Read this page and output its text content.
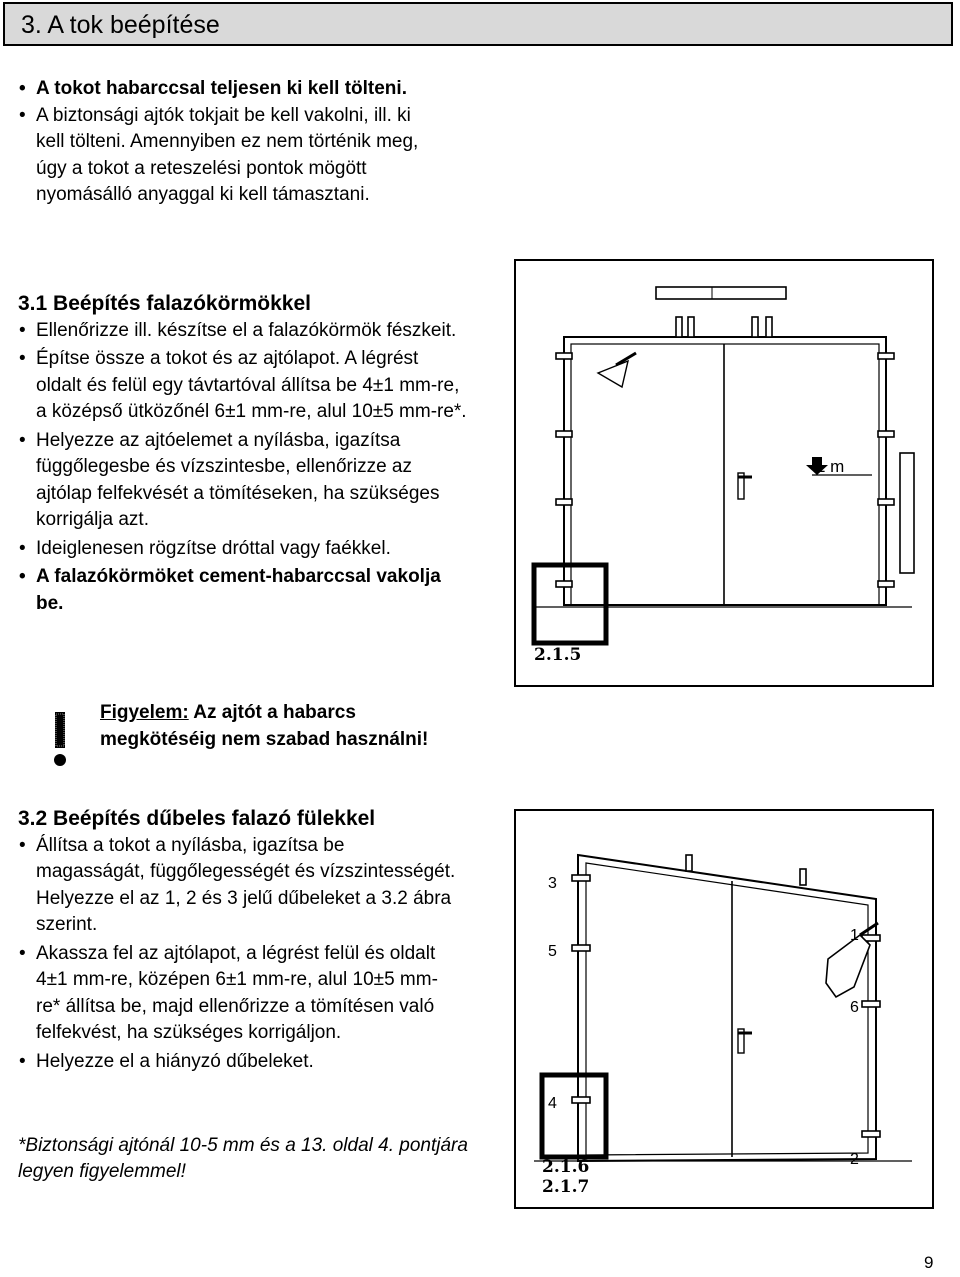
3. A tok beépítése
• A tokot habarccsal teljesen ki kell tölteni.
• A biztonsági ajtók tokjait be kell vakolni, ill. ki kell tölteni. Amennyiben ez nem történik meg, úgy a tokot a reteszelési pontok mögött nyomásálló anyaggal ki kell támasztani.
3.1 Beépítés falazókörmökkel
• Ellenőrizze ill. készítse el a falazókörmök fészkeit.
• Építse össze a tokot és az ajtólapot. A légrést oldalt és felül egy távtartóval állítsa be 4±1 mm-re, a középső ütközőnél 6±1 mm-re, alul 10±5 mm-re*.
• Helyezze az ajtóelemet a nyílásba, igazítsa függőlegesbe és vízszintesbe, ellenőrizze az ajtólap felfekvését a tömítéseken, ha szükséges korrigálja azt.
• Ideiglenesen rögzítse dróttal vagy faékkel.
• A falazókörmöket cement-habarccsal vakolja be.
Figyelem: Az ajtót a habarcs megkötéséig nem szabad használni!
3.2 Beépítés dűbeles falazó fülekkel
• Állítsa a tokot a nyílásba, igazítsa be magasságát, függőlegességét és vízszintességét. Helyezze el az 1, 2 és 3 jelű dűbeleket a 3.2 ábra szerint.
• Akassza fel az ajtólapot, a légrést felül és oldalt 4±1 mm-re, középen 6±1 mm-re, alul 10±5 mm-re* állítsa be, majd ellenőrizze a tömítésen való felfekvést, ha szükséges korrigáljon.
• Helyezze el a hiányzó dűbeleket.
1 m
2.1.5
3
5
1
6
4
2
2.1.6
2.1.7
*Biztonsági ajtónál 10-5 mm és a 13. oldal 4. pontjára legyen figyelemmel!
9
